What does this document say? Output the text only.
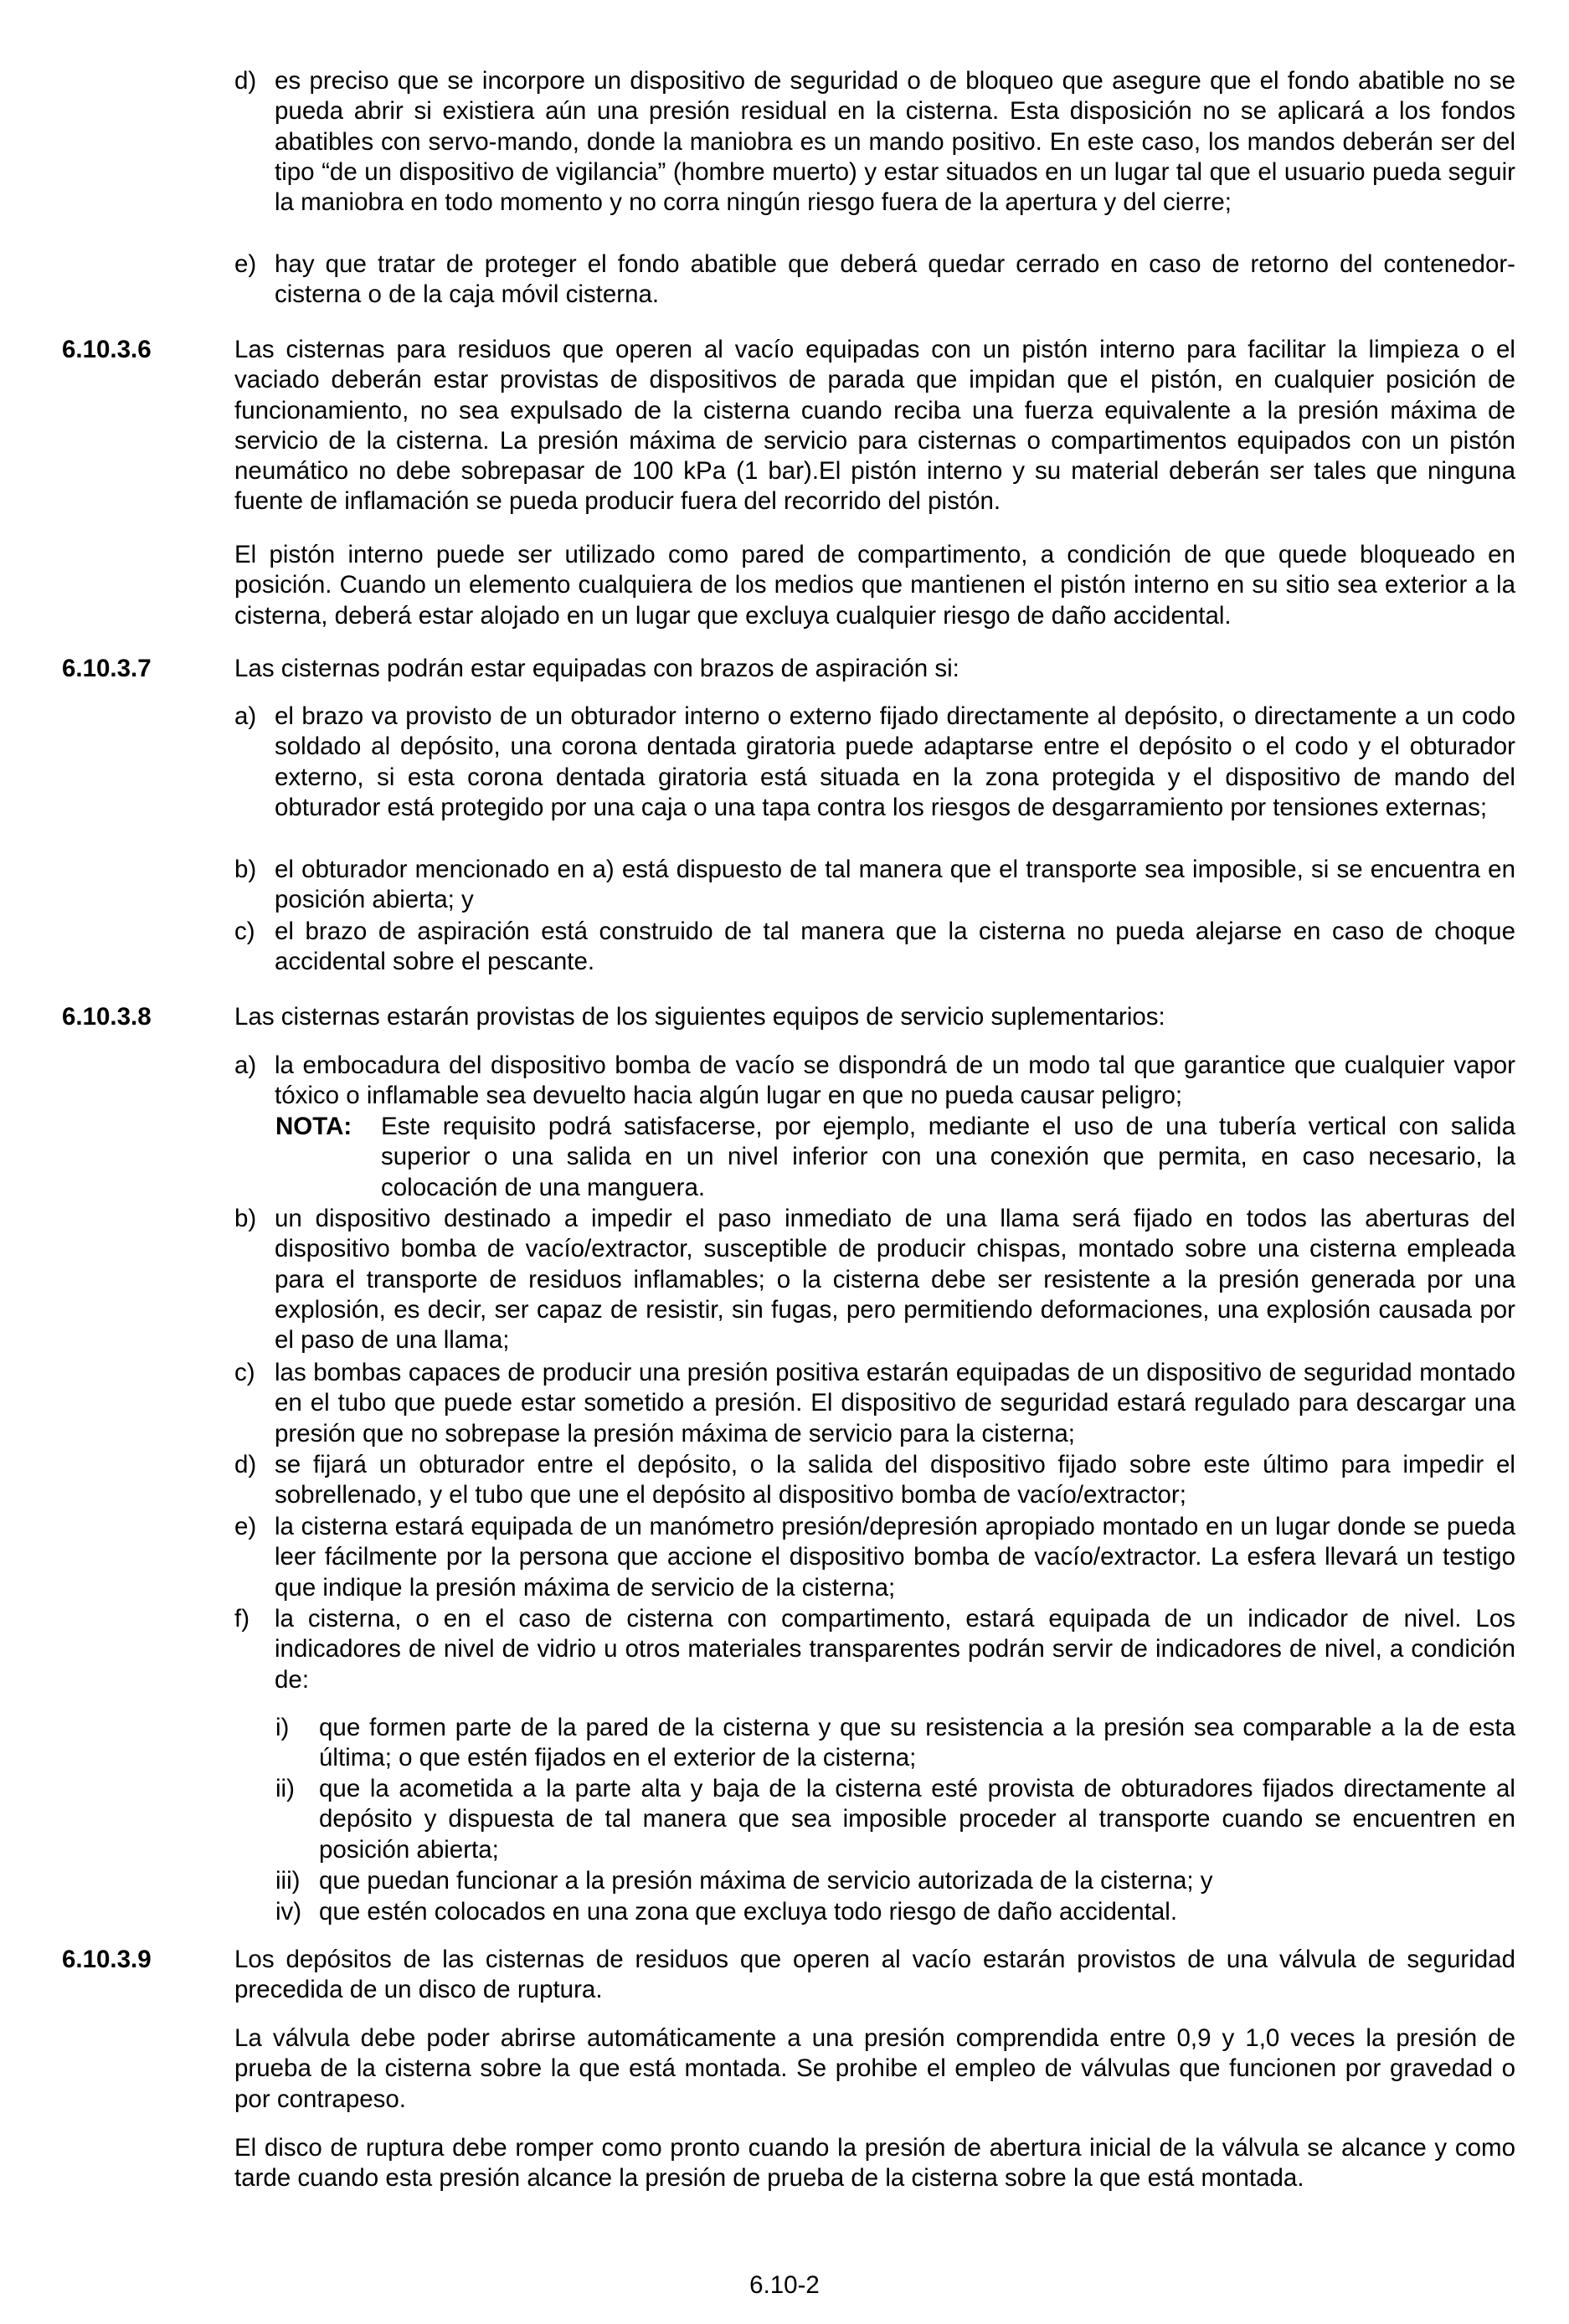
d) es preciso que se incorpore un dispositivo de seguridad o de bloqueo que asegure que el fondo abatible no se pueda abrir si existiera aún una presión residual en la cisterna. Esta disposición no se aplicará a los fondos abatibles con servo-mando, donde la maniobra es un mando positivo. En este caso, los mandos deberán ser del tipo “de un dispositivo de vigilancia” (hombre muerto) y estar situados en un lugar tal que el usuario pueda seguir la maniobra en todo momento y no corra ningún riesgo fuera de la apertura y del cierre;
e) hay que tratar de proteger el fondo abatible que deberá quedar cerrado en caso de retorno del contenedor-cisterna o de la caja móvil cisterna.
6.10.3.6	Las cisternas para residuos que operen al vacío equipadas con un pistón interno para facilitar la limpieza o el vaciado deberán estar provistas de dispositivos de parada que impidan que el pistón, en cualquier posición de funcionamiento, no sea expulsado de la cisterna cuando reciba una fuerza equivalente a la presión máxima de servicio de la cisterna. La presión máxima de servicio para cisternas o compartimentos equipados con un pistón neumático no debe sobrepasar de 100 kPa (1 bar).El pistón interno y su material deberán ser tales que ninguna fuente de inflamación se pueda producir fuera del recorrido del pistón.
El pistón interno puede ser utilizado como pared de compartimento, a condición de que quede bloqueado en posición. Cuando un elemento cualquiera de los medios que mantienen el pistón interno en su sitio sea exterior a la cisterna, deberá estar alojado en un lugar que excluya cualquier riesgo de daño accidental.
6.10.3.7	Las cisternas podrán estar equipadas con brazos de aspiración si:
a) el brazo va provisto de un obturador interno o externo fijado directamente al depósito, o directamente a un codo soldado al depósito, una corona dentada giratoria puede adaptarse entre el depósito o el codo y el obturador externo, si esta corona dentada giratoria está situada en la zona protegida y el dispositivo de mando del obturador está protegido por una caja o una tapa contra los riesgos de desgarramiento por tensiones externas;
b) el obturador mencionado en a) está dispuesto de tal manera que el transporte sea imposible, si se encuentra en posición abierta; y
c) el brazo de aspiración está construido de tal manera que la cisterna no pueda alejarse en caso de choque accidental sobre el pescante.
6.10.3.8	Las cisternas estarán provistas de los siguientes equipos de servicio suplementarios:
a) la embocadura del dispositivo bomba de vacío se dispondrá de un modo tal que garantice que cualquier vapor tóxico o inflamable sea devuelto hacia algún lugar en que no pueda causar peligro;
NOTA: Este requisito podrá satisfacerse, por ejemplo, mediante el uso de una tubería vertical con salida superior o una salida en un nivel inferior con una conexión que permita, en caso necesario, la colocación de una manguera.
b) un dispositivo destinado a impedir el paso inmediato de una llama será fijado en todos las aberturas del dispositivo bomba de vacío/extractor, susceptible de producir chispas, montado sobre una cisterna empleada para el transporte de residuos inflamables; o la cisterna debe ser resistente a la presión generada por una explosión, es decir, ser capaz de resistir, sin fugas, pero permitiendo deformaciones, una explosión causada por el paso de una llama;
c) las bombas capaces de producir una presión positiva estarán equipadas de un dispositivo de seguridad montado en el tubo que puede estar sometido a presión. El dispositivo de seguridad estará regulado para descargar una presión que no sobrepase la presión máxima de servicio para la cisterna;
d) se fijará un obturador entre el depósito, o la salida del dispositivo fijado sobre este último para impedir el sobrellenado, y el tubo que une el depósito al dispositivo bomba de vacío/extractor;
e) la cisterna estará equipada de un manómetro presión/depresión apropiado montado en un lugar donde se pueda leer fácilmente por la persona que accione el dispositivo bomba de vacío/extractor. La esfera llevará un testigo que indique la presión máxima de servicio de la cisterna;
f)	la cisterna, o en el caso de cisterna con compartimento, estará equipada de un indicador de nivel. Los indicadores de nivel de vidrio u otros materiales transparentes podrán servir de indicadores de nivel, a condición de:
i)	que formen parte de la pared de la cisterna y que su resistencia a la presión sea comparable a la de esta última; o que estén fijados en el exterior de la cisterna;
ii) que la acometida a la parte alta y baja de la cisterna esté provista de obturadores fijados directamente al depósito y dispuesta de tal manera que sea imposible proceder al transporte cuando se encuentren en posición abierta;
iii) que puedan funcionar a la presión máxima de servicio autorizada de la cisterna; y
iv) que estén colocados en una zona que excluya todo riesgo de daño accidental.
6.10.3.9	Los depósitos de las cisternas de residuos que operen al vacío estarán provistos de una válvula de seguridad precedida de un disco de ruptura.
La válvula debe poder abrirse automáticamente a una presión comprendida entre 0,9 y 1,0 veces la presión de prueba de la cisterna sobre la que está montada. Se prohibe el empleo de válvulas que funcionen por gravedad o por contrapeso.
El disco de ruptura debe romper como pronto cuando la presión de abertura inicial de la válvula se alcance y como tarde cuando esta presión alcance la presión de prueba de la cisterna sobre la que está montada.
6.10-2
